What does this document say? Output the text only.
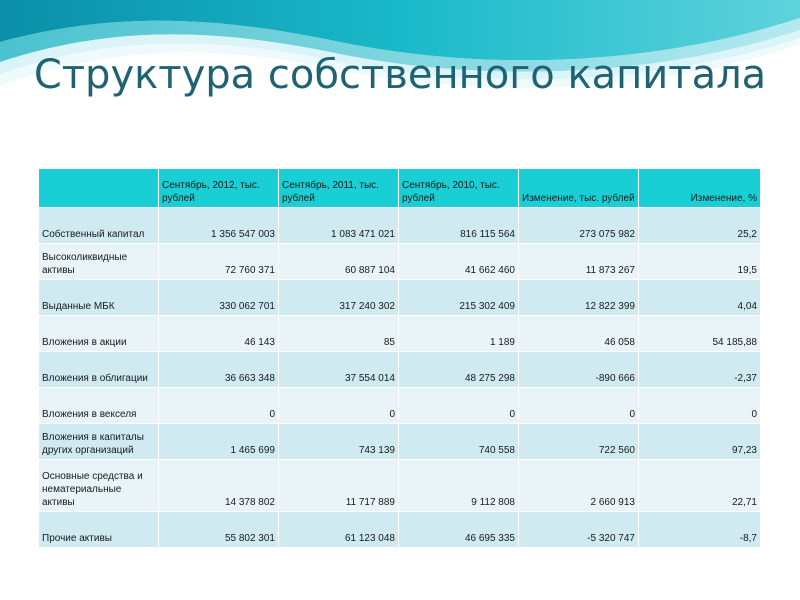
Структура собственного капитала
	Сентябрь, 2012, тыс. рублей	Сентябрь, 2011, тыс. рублей	Сентябрь, 2010, тыс. рублей	Изменение, тыс. рублей	Изменение, %
Собственный капитал	1 356 547 003	1 083 471 021	816 115 564	273 075 982	25,2
Высоколиквидные активы	72 760 371	60 887 104	41 662 460	11 873 267	19,5
Выданные МБК	330 062 701	317 240 302	215 302 409	12 822 399	4,04
Вложения в акции	46 143	85	1 189	46 058	54 185,88
Вложения в облигации	36 663 348	37 554 014	48 275 298	-890 666	-2,37
Вложения в векселя	0	0	0	0	0
Вложения в капиталы других организаций	1 465 699	743 139	740 558	722 560	97,23
Основные средства и нематериальные активы	14 378 802	11 717 889	9 112 808	2 660 913	22,71
Прочие активы	55 802 301	61 123 048	46 695 335	-5 320 747	-8,7
